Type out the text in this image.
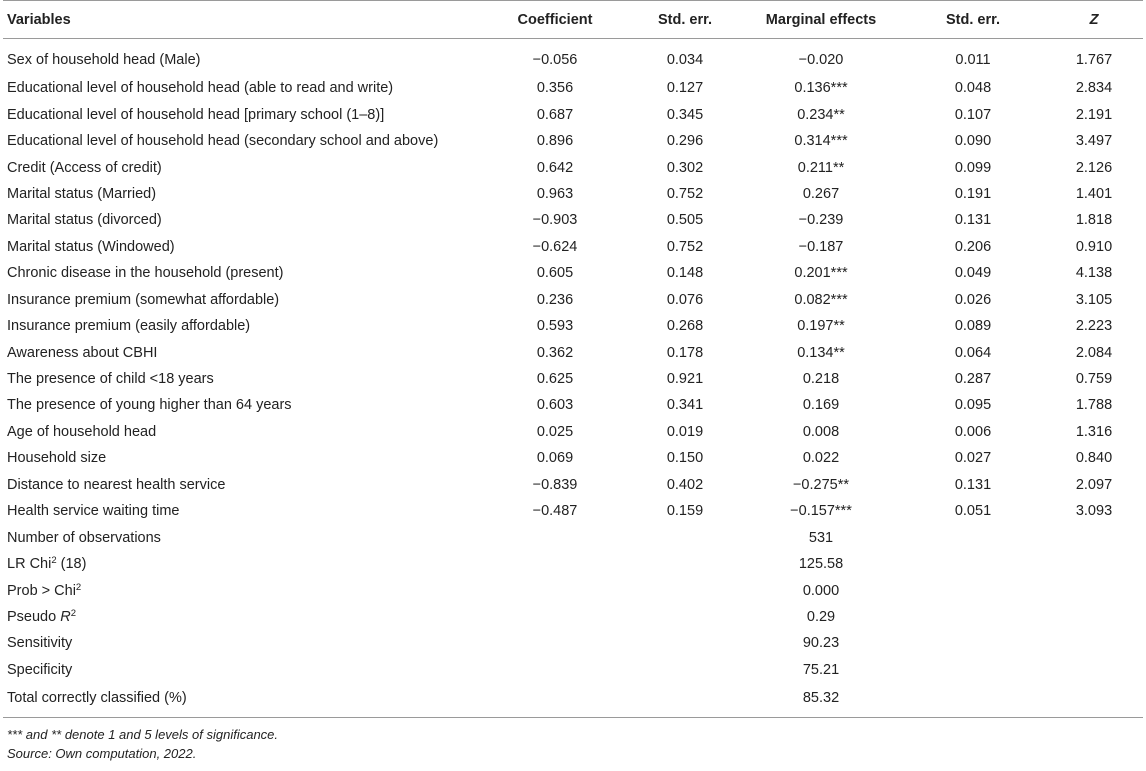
Variables	Coefficient	Std. err.	Marginal effects	Std. err.	Z
Sex of household head (Male)	−0.056	0.034	−0.020	0.011	1.767
Educational level of household head (able to read and write)	0.356	0.127	0.136***	0.048	2.834
Educational level of household head [primary school (1–8)]	0.687	0.345	0.234**	0.107	2.191
Educational level of household head (secondary school and above)	0.896	0.296	0.314***	0.090	3.497
Credit (Access of credit)	0.642	0.302	0.211**	0.099	2.126
Marital status (Married)	0.963	0.752	0.267	0.191	1.401
Marital status (divorced)	−0.903	0.505	−0.239	0.131	1.818
Marital status (Windowed)	−0.624	0.752	−0.187	0.206	0.910
Chronic disease in the household (present)	0.605	0.148	0.201***	0.049	4.138
Insurance premium (somewhat affordable)	0.236	0.076	0.082***	0.026	3.105
Insurance premium (easily affordable)	0.593	0.268	0.197**	0.089	2.223
Awareness about CBHI	0.362	0.178	0.134**	0.064	2.084
The presence of child <18 years	0.625	0.921	0.218	0.287	0.759
The presence of young higher than 64 years	0.603	0.341	0.169	0.095	1.788
Age of household head	0.025	0.019	0.008	0.006	1.316
Household size	0.069	0.150	0.022	0.027	0.840
Distance to nearest health service	−0.839	0.402	−0.275**	0.131	2.097
Health service waiting time	−0.487	0.159	−0.157***	0.051	3.093
Number of observations			531		
LR Chi$^2$ (18)			125.58		
Prob > Chi$^2$			0.000		
Pseudo $R^2$			0.29		
Sensitivity			90.23		
Specificity			75.21		
Total correctly classified (%)			85.32		
*** and ** denote 1 and 5 levels of significance.
Source: Own computation, 2022.
